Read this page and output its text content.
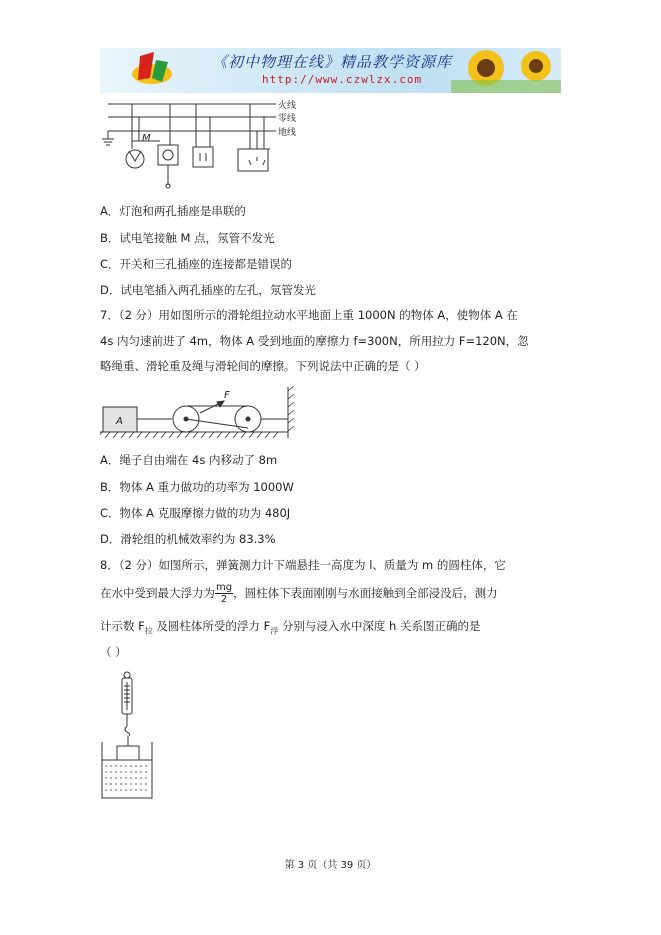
《初中物理在线》精品教学资源库
http://www.czwlzx.com
火线
零线
地线
M
A．灯泡和两孔插座是串联的
B．试电笔接触 M 点，氖管不发光
C．开关和三孔插座的连接都是错误的
D．试电笔插入两孔插座的左孔，氖管发光
7．（2 分）用如图所示的滑轮组拉动水平地面上重 1000N 的物体 A，使物体 A 在
4s 内匀速前进了 4m，物体 A 受到地面的摩擦力 f=300N，所用拉力 F=120N，忽
略绳重、滑轮重及绳与滑轮间的摩擦。下列说法中正确的是（ ）
A
F
A．绳子自由端在 4s 内移动了 8m
B．物体 A 重力做功的功率为 1000W
C．物体 A 克服摩擦力做的功为 480J
D．滑轮组的机械效率约为 83.3%
8．（2 分）如图所示，弹簧测力计下端悬挂一高度为 l、质量为 m 的圆柱体，它
在水中受到最大浮力为 $\frac{mg}{2}$ ，圆柱体下表面刚刚与水面接触到全部浸没后，测力
计示数 $F_拉$ 及圆柱体所受的浮力 $F_浮$ 分别与浸入水中深度 h 关系图正确的是
（ ）
第 3 页（共 39 页）
